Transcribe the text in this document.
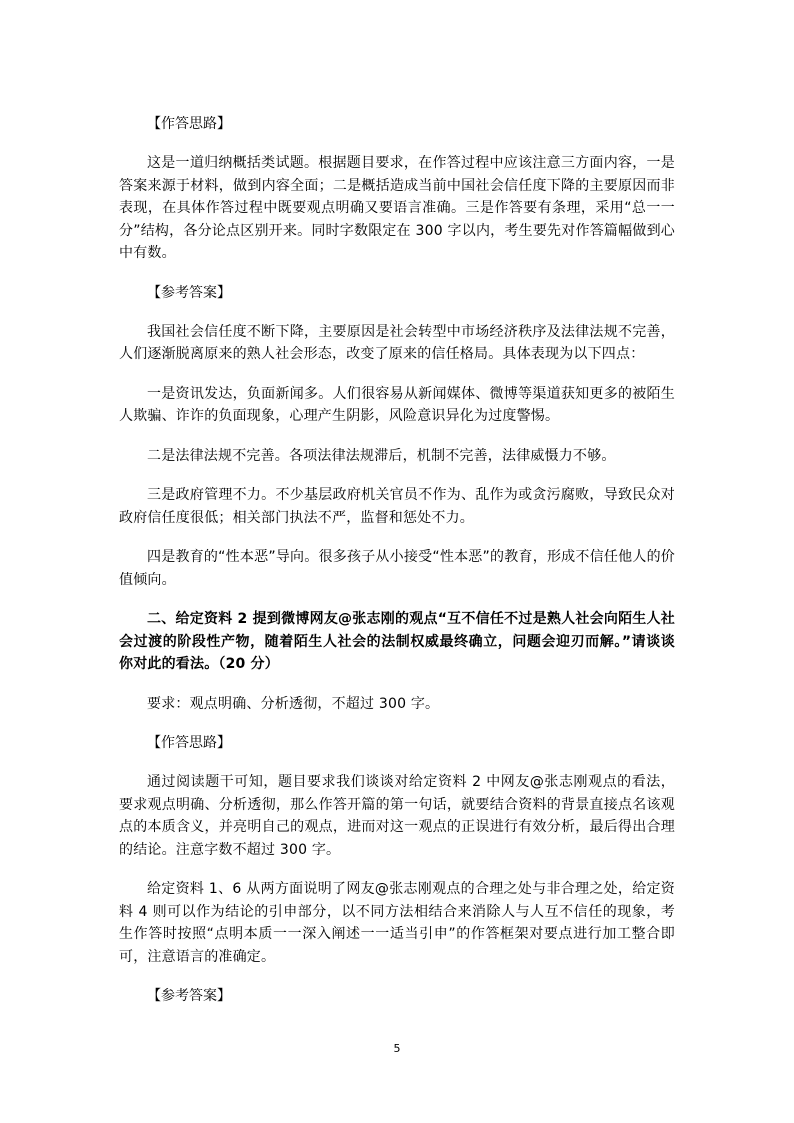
【作答思路】

这是一道归纳概括类试题。根据题目要求，在作答过程中应该注意三方面内容，一是答案来源于材料，做到内容全面；二是概括造成当前中国社会信任度下降的主要原因而非表现，在具体作答过程中既要观点明确又要语言准确。三是作答要有条理，采用“总一一分”结构，各分论点区别开来。同时字数限定在 300 字以内，考生要先对作答篇幅做到心中有数。

【参考答案】

我国社会信任度不断下降，主要原因是社会转型中市场经济秩序及法律法规不完善，人们逐渐脱离原来的熟人社会形态，改变了原来的信任格局。具体表现为以下四点：

一是资讯发达，负面新闻多。人们很容易从新闻媒体、微博等渠道获知更多的被陌生人欺骗、诈诈的负面现象，心理产生阴影，风险意识异化为过度警惕。

二是法律法规不完善。各项法律法规滞后，机制不完善，法律威慑力不够。

三是政府管理不力。不少基层政府机关官员不作为、乱作为或贪污腐败，导致民众对政府信任度很低；相关部门执法不严，监督和惩处不力。

四是教育的“性本恶”导向。很多孩子从小接受“性本恶”的教育，形成不信任他人的价值倾向。

二、给定资料 2 提到微博网友@张志刚的观点“互不信任不过是熟人社会向陌生人社会过渡的阶段性产物，随着陌生人社会的法制权威最终确立，问题会迎刃而解。”请谈谈你对此的看法。（20 分）

要求：观点明确、分析透彻，不超过 300 字。

【作答思路】

通过阅读题干可知，题目要求我们谈谈对给定资料 2 中网友@张志刚观点的看法，要求观点明确、分析透彻，那么作答开篇的第一句话，就要结合资料的背景直接点名该观点的本质含义，并亮明自己的观点，进而对这一观点的正误进行有效分析，最后得出合理的结论。注意字数不超过 300 字。

给定资料 1、6 从两方面说明了网友@张志刚观点的合理之处与非合理之处，给定资料 4 则可以作为结论的引申部分，以不同方法相结合来消除人与人互不信任的现象，考生作答时按照“点明本质一一深入阐述一一适当引申”的作答框架对要点进行加工整合即可，注意语言的准确定。

【参考答案】
5
